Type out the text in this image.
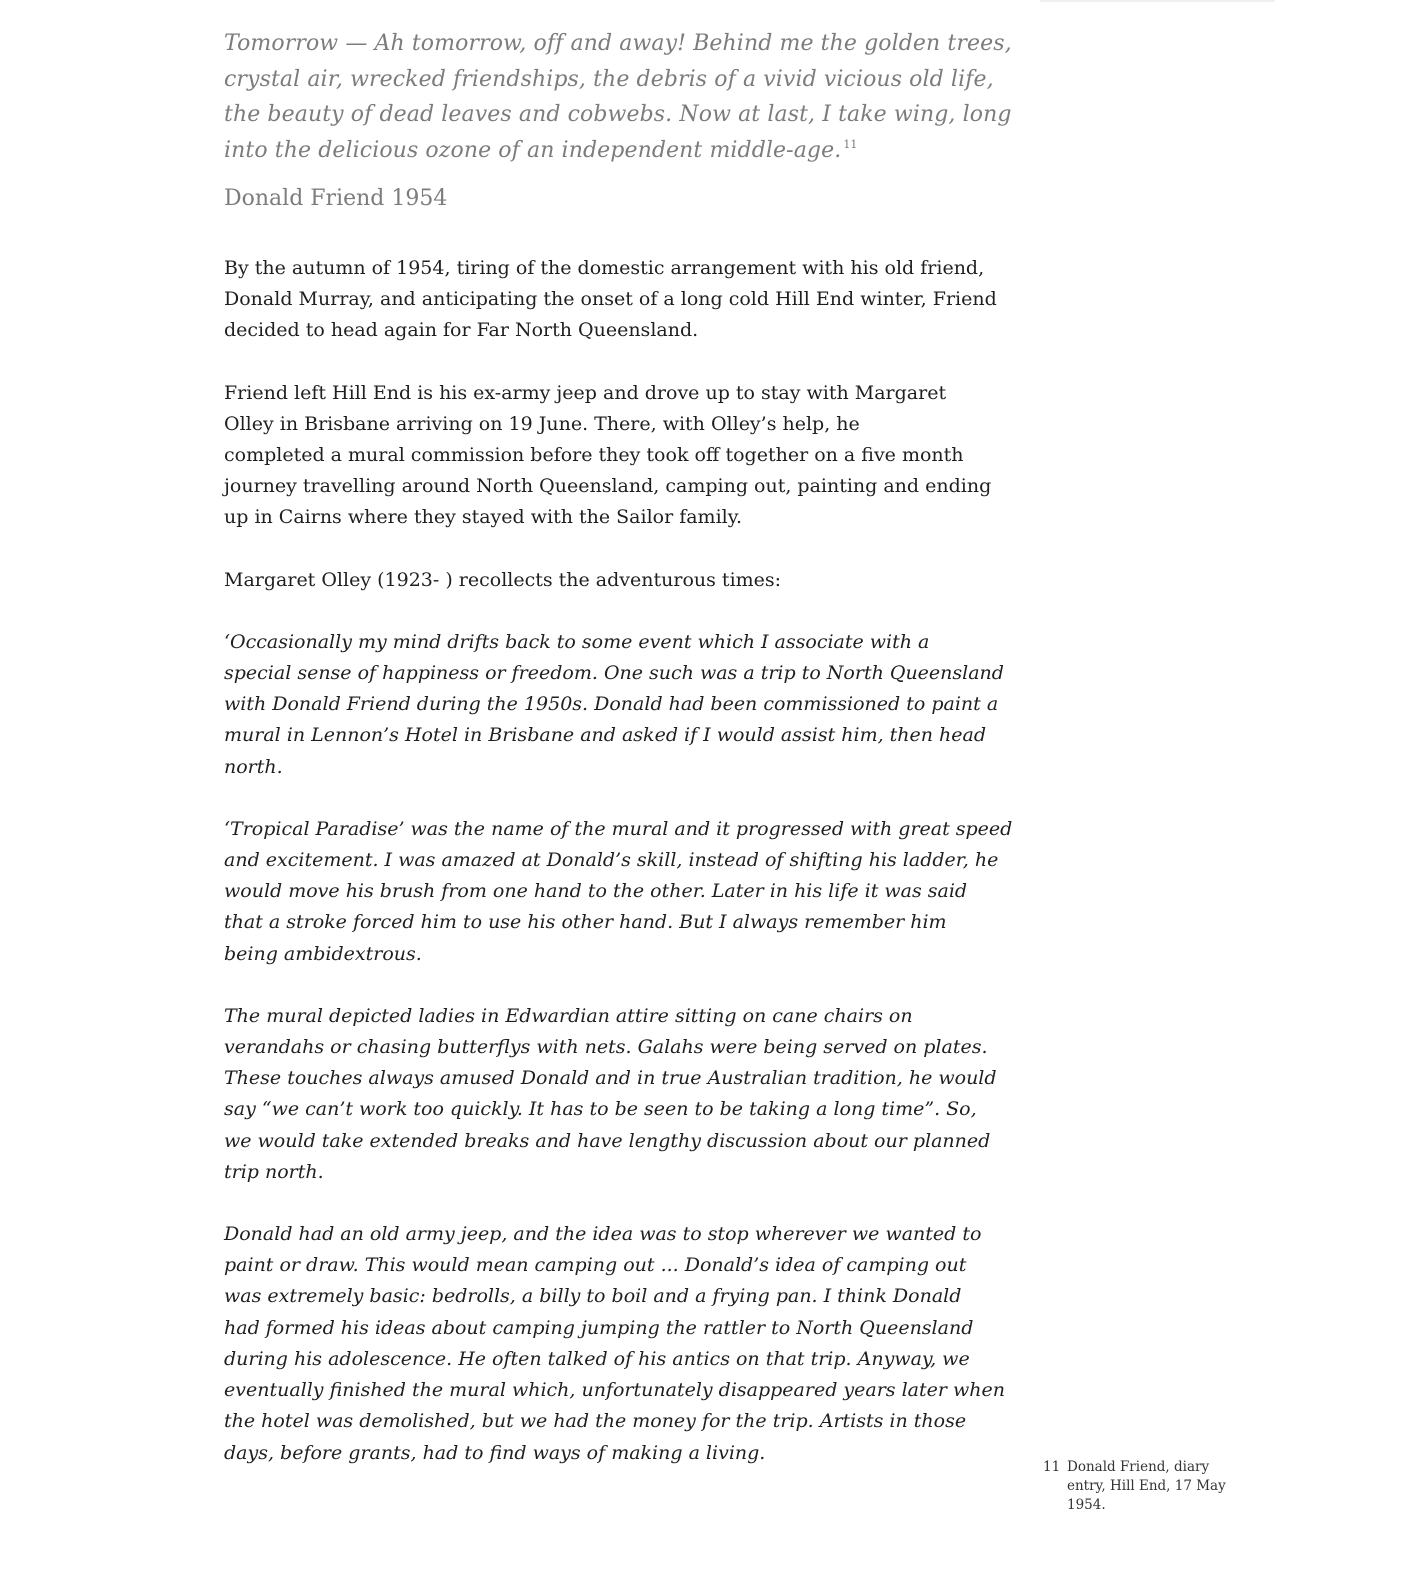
Tomorrow — Ah tomorrow, off and away! Behind me the golden trees,
crystal air, wrecked friendships, the debris of a vivid vicious old life,
the beauty of dead leaves and cobwebs. Now at last, I take wing, long
into the delicious ozone of an independent middle-age. $^{11}$
Donald Friend 1954
By the autumn of 1954, tiring of the domestic arrangement with his old friend,
Donald Murray, and anticipating the onset of a long cold Hill End winter, Friend
decided to head again for Far North Queensland.
Friend left Hill End is his ex-army jeep and drove up to stay with Margaret
Olley in Brisbane arriving on 19 June. There, with Olley’s help, he
completed a mural commission before they took off together on a five month
journey travelling around North Queensland, camping out, painting and ending
up in Cairns where they stayed with the Sailor family.
Margaret Olley (1923- ) recollects the adventurous times:
‘Occasionally my mind drifts back to some event which I associate with a
special sense of happiness or freedom. One such was a trip to North Queensland
with Donald Friend during the 1950s. Donald had been commissioned to paint a
mural in Lennon’s Hotel in Brisbane and asked if I would assist him, then head
north.
‘Tropical Paradise’ was the name of the mural and it progressed with great speed
and excitement. I was amazed at Donald’s skill, instead of shifting his ladder, he
would move his brush from one hand to the other. Later in his life it was said
that a stroke forced him to use his other hand. But I always remember him
being ambidextrous.
The mural depicted ladies in Edwardian attire sitting on cane chairs on
verandahs or chasing butterflys with nets. Galahs were being served on plates.
These touches always amused Donald and in true Australian tradition, he would
say “we can’t work too quickly. It has to be seen to be taking a long time”. So,
we would take extended breaks and have lengthy discussion about our planned
trip north.
Donald had an old army jeep, and the idea was to stop wherever we wanted to
paint or draw. This would mean camping out ... Donald’s idea of camping out
was extremely basic: bedrolls, a billy to boil and a frying pan. I think Donald
had formed his ideas about camping jumping the rattler to North Queensland
during his adolescence. He often talked of his antics on that trip. Anyway, we
eventually finished the mural which, unfortunately disappeared years later when
the hotel was demolished, but we had the money for the trip. Artists in those
days, before grants, had to find ways of making a living.
11 Donald Friend, diary
entry, Hill End, 17 May
1954.
